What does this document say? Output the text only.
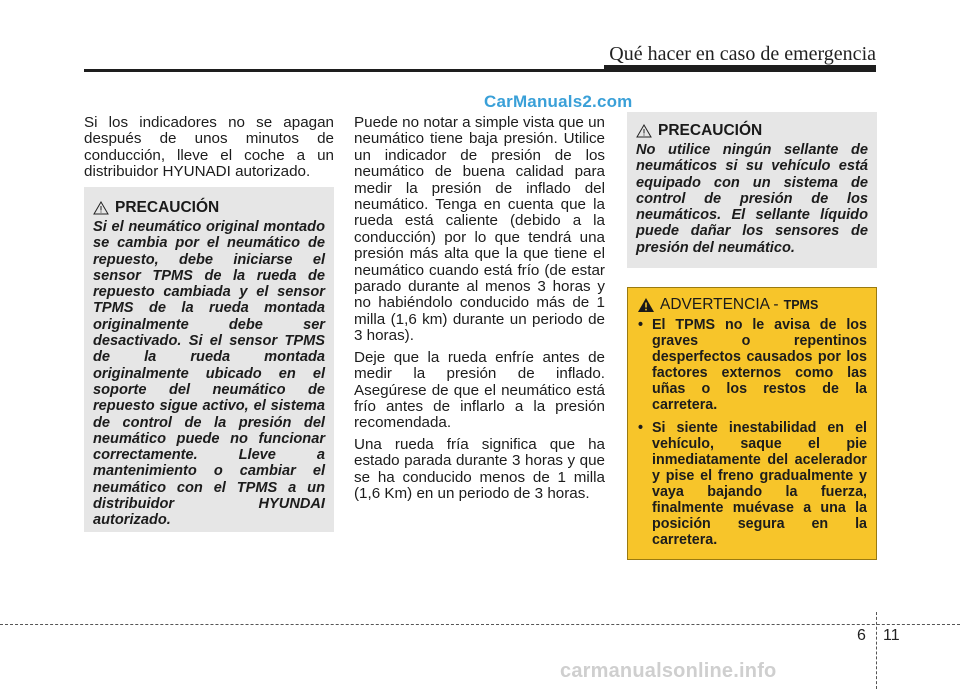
Qué hacer en caso de emergencia
CarManuals2.com

Si los indicadores no se apagan después de unos minutos de conducción, lleve el coche a un distribuidor HYUNADI autorizado.

PRECAUCIÓN
Si el neumático original montado se cambia por el neumático de repuesto, debe iniciarse el sensor TPMS de la rueda de repuesto cambiada y el sensor TPMS de la rueda montada originalmente debe ser desactivado. Si el sensor TPMS de la rueda montada originalmente ubicado en el soporte del neumático de repuesto sigue activo, el sistema de control de la presión del neumático puede no funcionar correctamente. Lleve a mantenimiento o cambiar el neumático con el TPMS a un distribuidor HYUNDAI autorizado.

Puede no notar a simple vista que un neumático tiene baja presión. Utilice un indicador de presión de los neumático de buena calidad para medir la presión de inflado del neumático. Tenga en cuenta que la rueda está caliente (debido a la conducción) por lo que tendrá una presión más alta que la que tiene el neumático cuando está frío (de estar parado durante al menos 3 horas y no habiéndolo conducido más de 1 milla (1,6 km) durante un periodo de 3 horas).

Deje que la rueda enfríe antes de medir la presión de inflado. Asegúrese de que el neumático está frío antes de inflarlo a la presión recomendada.

Una rueda fría significa que ha estado parada durante 3 horas y que se ha conducido menos de 1 milla (1,6 Km) en un periodo de 3 horas.

PRECAUCIÓN
No utilice ningún sellante de neumáticos si su vehículo está equipado con un sistema de control de presión de los neumáticos. El sellante líquido puede dañar los sensores de presión del neumático.
ADVERTENCIA - TPMS
• El TPMS no le avisa de los graves o repentinos desperfectos causados por los factores externos como las uñas o los restos de la carretera.
• Si siente inestabilidad en el vehículo, saque el pie inmediatamente del acelerador y pise el freno gradualmente y vaya bajando la fuerza, finalmente muévase a una la posición segura en la carretera.
6 11
carmanualsonline.info
